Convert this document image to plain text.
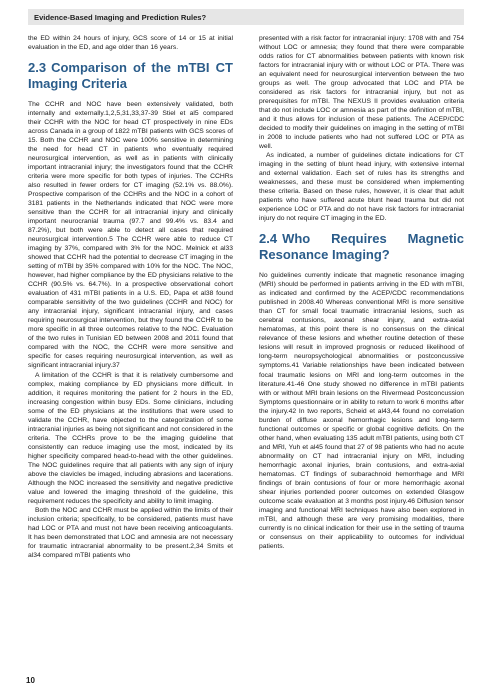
Evidence-Based Imaging and Prediction Rules?

the ED within 24 hours of injury, GCS score of 14 or 15 at initial evaluation in the ED, and age older than 16 years.

2.3 Comparison of the mTBI CT Imaging Criteria

The CCHR and NOC have been extensively validated, both internally and externally.1,2,5,31,33,37-39 Stiel et al5 compared their CCHR with the NOC for head CT prospectively in nine EDs across Canada in a group of 1822 mTBI patients with GCS scores of 15. Both the CCHR and NOC were 100% sensitive in determining the need for head CT in patients who eventually required neurosurgical intervention, as well as in patients with clinically important intracranial injury; the investigators found that the CCHR criteria were more specific for both types of injuries. The CCHRs also resulted in fewer orders for CT imaging (52.1% vs. 88.0%). Prospective comparison of the CCHRs and the NOC in a cohort of 3181 patients in the Netherlands indicated that NOC were more sensitive than the CCHR for all intracranial injury and clinically important neurocranial trauma (97.7 and 99.4% vs. 83.4 and 87.2%), but both were able to detect all cases that required neurosurgical intervention.5 The CCHR were able to reduce CT imaging by 37%, compared with 3% for the NOC. Melnick et al33 showed that CCHR had the potential to decrease CT imaging in the setting of mTBI by 35% compared with 10% for the NOC. The NOC, however, had higher compliance by the ED physicians relative to the CCHR (90.5% vs. 64.7%). In a prospective observational cohort evaluation of 431 mTBI patients in a U.S. ED, Papa et al38 found comparable sensitivity of the two guidelines (CCHR and NOC) for any intracranial injury, significant intracranial injury, and cases requiring neurosurgical intervention, but they found the CCHR to be more specific in all three outcomes relative to the NOC. Evaluation of the two rules in Tunisian ED between 2008 and 2011 found that compared with the NOC, the CCHR were more sensitive and specific for cases requiring neurosurgical intervention, as well as significant intracranial injury.37

A limitation of the CCHR is that it is relatively cumbersome and complex, making compliance by ED physicians more difficult. In addition, it requires monitoring the patient for 2 hours in the ED, increasing congestion within busy EDs. Some clinicians, including some of the ED physicians at the institutions that were used to validate the CCHR, have objected to the categorization of some intracranial injuries as being not significant and not considered in the criteria. The CCHRs prove to be the imaging guideline that consistently can reduce imaging use the most, indicated by its higher specificity compared head-to-head with the other guidelines. The NOC guidelines require that all patients with any sign of injury above the clavicles be imaged, including abrasions and lacerations. Although the NOC increased the sensitivity and negative predictive value and lowered the imaging threshold of the guideline, this requirement reduces the specificity and ability to limit imaging.

Both the NOC and CCHR must be applied within the limits of their inclusion criteria; specifically, to be considered, patients must have had LOC or PTA and must not have been receiving anticoagulants. It has been demonstrated that LOC and amnesia are not necessary for traumatic intracranial abnormality to be present.2,34 Smits et al34 compared mTBI patients who

presented with a risk factor for intracranial injury: 1708 with and 754 without LOC or amnesia; they found that there were comparable odds ratios for CT abnormalities between patients with known risk factors for intracranial injury with or without LOC or PTA. There was an equivalent need for neurosurgical intervention between the two groups as well. The group advocated that LOC and PTA be considered as risk factors for intracranial injury, but not as prerequisites for mTBI. The NEXUS II provides evaluation criteria that do not include LOC or amnesia as part of the definition of mTBI, and it thus allows for inclusion of these patients. The ACEP/CDC decided to modify their guidelines on imaging in the setting of mTBI in 2008 to include patients who had not suffered LOC or PTA as well.

As indicated, a number of guidelines dictate indications for CT imaging in the setting of blunt head injury, with extensive internal and external validation. Each set of rules has its strengths and weaknesses, and these must be considered when implementing these criteria. Based on these rules, however, it is clear that adult patients who have suffered acute blunt head trauma but did not experience LOC or PTA and do not have risk factors for intracranial injury do not require CT imaging in the ED.

2.4 Who Requires Magnetic Resonance Imaging?

No guidelines currently indicate that magnetic resonance imaging (MRI) should be performed in patients arriving in the ED with mTBI, as indicated and confirmed by the ACEP/CDC recommendations published in 2008.40 Whereas conventional MRI is more sensitive than CT for small focal traumatic intracranial lesions, such as cerebral contusions, axonal shear injury, and extra-axial hematomas, at this point there is no consensus on the clinical relevance of these lesions and whether routine detection of these lesions will result in improved prognosis or reduced likelihood of long-term neuropsychological abnormalities or postconcussive symptoms.41 Variable relationships have been indicated between focal traumatic lesions on MRI and long-term outcomes in the literature.41-46 One study showed no difference in mTBI patients with or without MRI brain lesions on the Rivermead Postconcussion Symptoms questionnaire or in ability to return to work 6 months after the injury.42 In two reports, Scheid et al43,44 found no correlation burden of diffuse axonal hemorrhagic lesions and long-term functional outcomes or specific or global cognitive deficits. On the other hand, when evaluating 135 adult mTBI patients, using both CT and MRI, Yuh et al45 found that 27 of 98 patients who had no acute abnormality on CT had intracranial injury on MRI, including hemorrhagic axonal injuries, brain contusions, and extra-axial hematomas. CT findings of subarachnoid hemorrhage and MRI findings of brain contusions of four or more hemorrhagic axonal shear injuries portended poorer outcomes on extended Glasgow outcome scale evaluation at 3 months post injury.46 Diffusion tensor imaging and functional MRI techniques have also been explored in mTBI, and although these are very promising modalities, there currently is no clinical indication for their use in the setting of trauma or consensus on their applicability to outcomes for individual patients.

10
